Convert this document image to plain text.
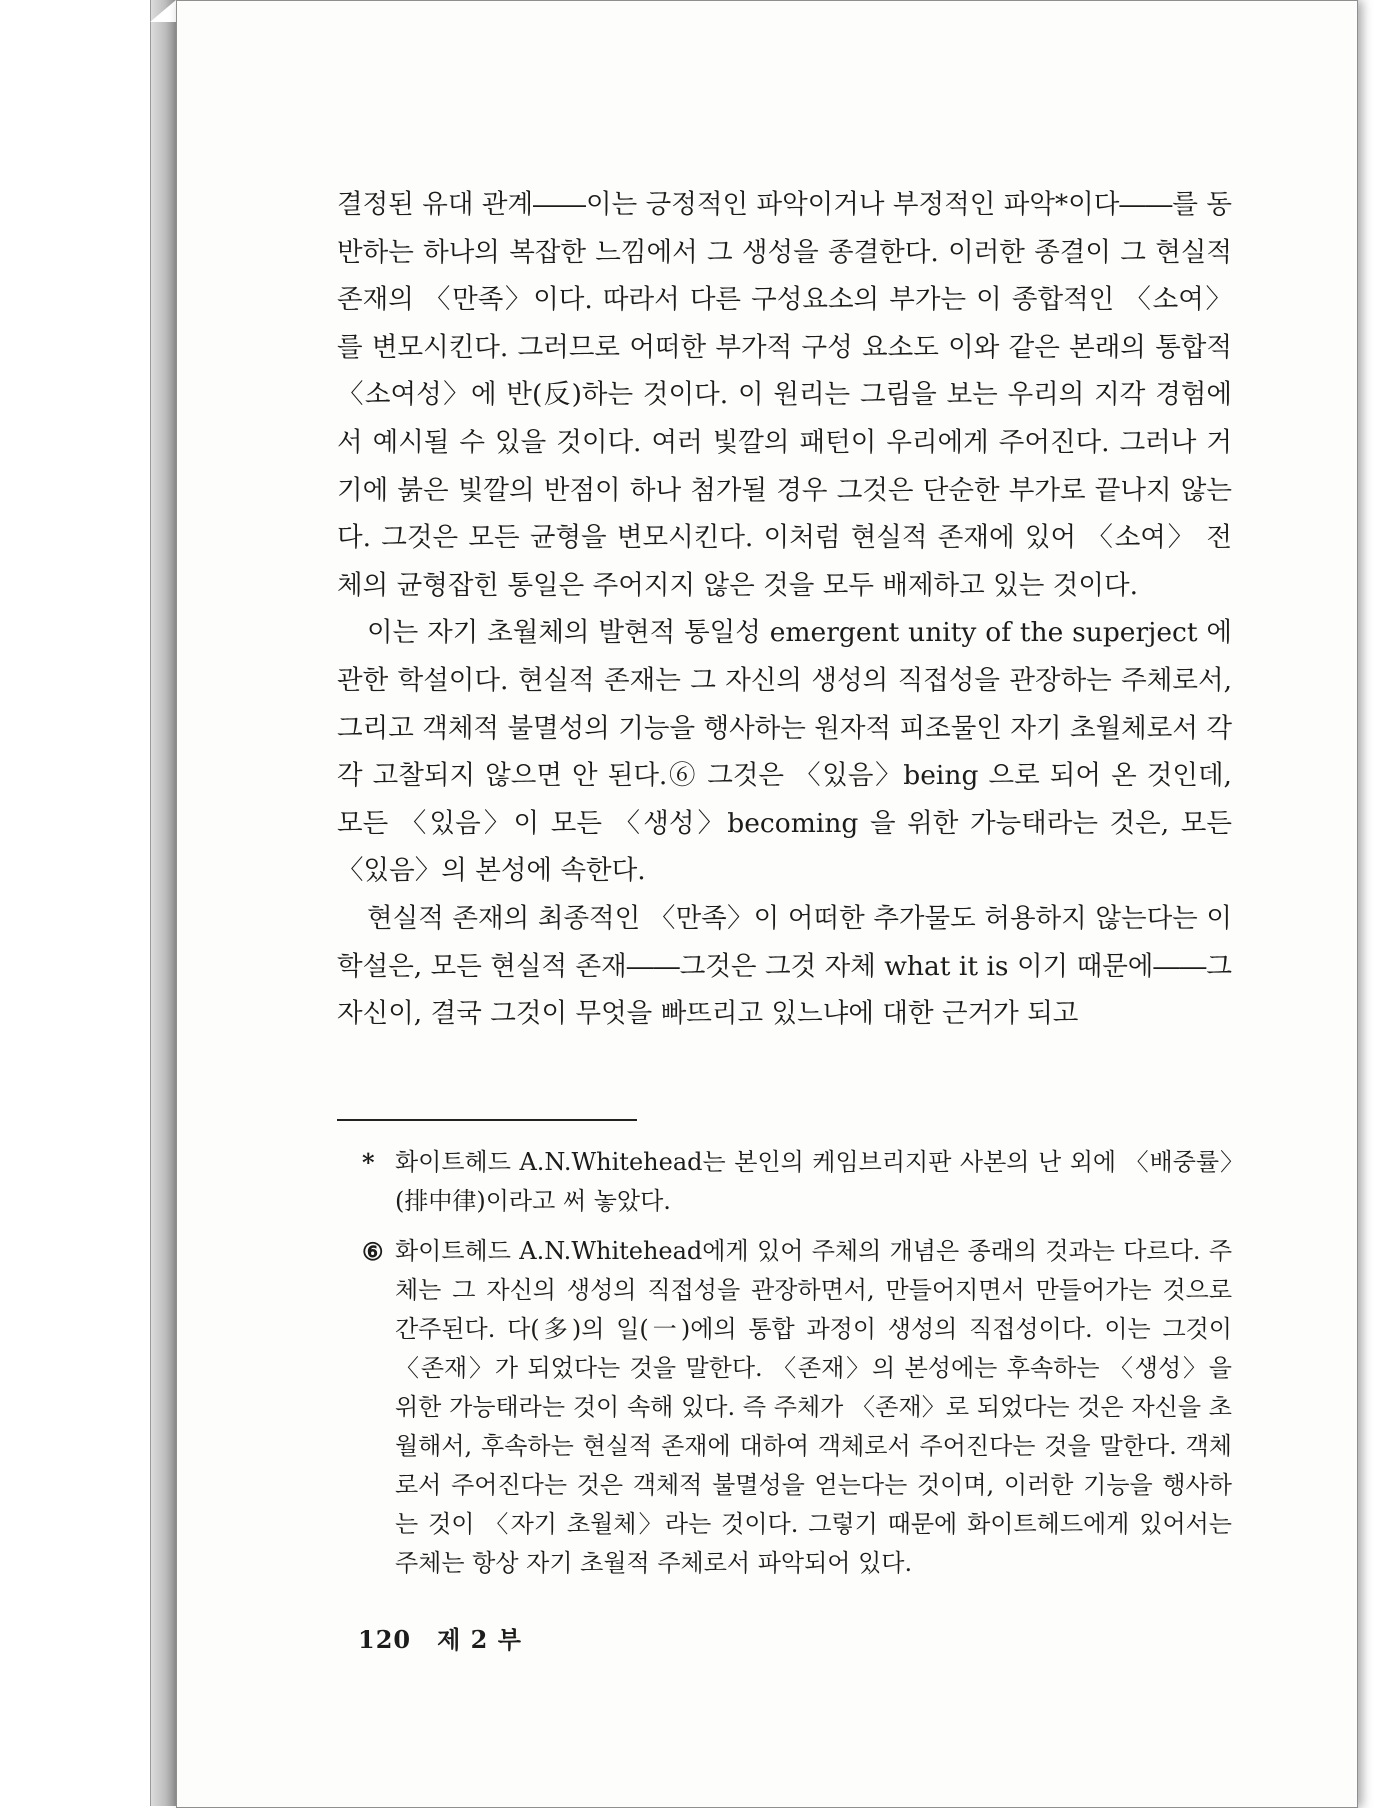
결정된 유대 관계――이는 긍정적인 파악이거나 부정적인 파악*이다――를 동반하는 하나의 복잡한 느낌에서 그 생성을 종결한다. 이러한 종결이 그 현실적 존재의 〈만족〉이다. 따라서 다른 구성요소의 부가는 이 종합적인 〈소여〉를 변모시킨다. 그러므로 어떠한 부가적 구성 요소도 이와 같은 본래의 통합적 〈소여성〉에 반(反)하는 것이다. 이 원리는 그림을 보는 우리의 지각 경험에서 예시될 수 있을 것이다. 여러 빛깔의 패턴이 우리에게 주어진다. 그러나 거기에 붉은 빛깔의 반점이 하나 첨가될 경우 그것은 단순한 부가로 끝나지 않는다. 그것은 모든 균형을 변모시킨다. 이처럼 현실적 존재에 있어 〈소여〉 전체의 균형잡힌 통일은 주어지지 않은 것을 모두 배제하고 있는 것이다.

이는 자기 초월체의 발현적 통일성 emergent unity of the superject 에 관한 학설이다. 현실적 존재는 그 자신의 생성의 직접성을 관장하는 주체로서, 그리고 객체적 불멸성의 기능을 행사하는 원자적 피조물인 자기 초월체로서 각각 고찰되지 않으면 안 된다.⑥ 그것은 〈있음〉being 으로 되어 온 것인데, 모든 〈있음〉이 모든 〈생성〉becoming 을 위한 가능태라는 것은, 모든 〈있음〉의 본성에 속한다.

현실적 존재의 최종적인 〈만족〉이 어떠한 추가물도 허용하지 않는다는 이 학설은, 모든 현실적 존재――그것은 그것 자체 what it is 이기 때문에――그 자신이, 결국 그것이 무엇을 빠뜨리고 있느냐에 대한 근거가 되고

* 화이트헤드 A.N.Whitehead는 본인의 케임브리지판 사본의 난 외에 〈배중률〉(排中律)이라고 써 놓았다.
⑥ 화이트헤드 A.N.Whitehead에게 있어 주체의 개념은 종래의 것과는 다르다. 주체는 그 자신의 생성의 직접성을 관장하면서, 만들어지면서 만들어가는 것으로 간주된다. 다(多)의 일(一)에의 통합 과정이 생성의 직접성이다. 이는 그것이 〈존재〉가 되었다는 것을 말한다. 〈존재〉의 본성에는 후속하는 〈생성〉을 위한 가능태라는 것이 속해 있다. 즉 주체가 〈존재〉로 되었다는 것은 자신을 초월해서, 후속하는 현실적 존재에 대하여 객체로서 주어진다는 것을 말한다. 객체로서 주어진다는 것은 객체적 불멸성을 얻는다는 것이며, 이러한 기능을 행사하는 것이 〈자기 초월체〉라는 것이다. 그렇기 때문에 화이트헤드에게 있어서는 주체는 항상 자기 초월적 주체로서 파악되어 있다.
120 제 2 부
